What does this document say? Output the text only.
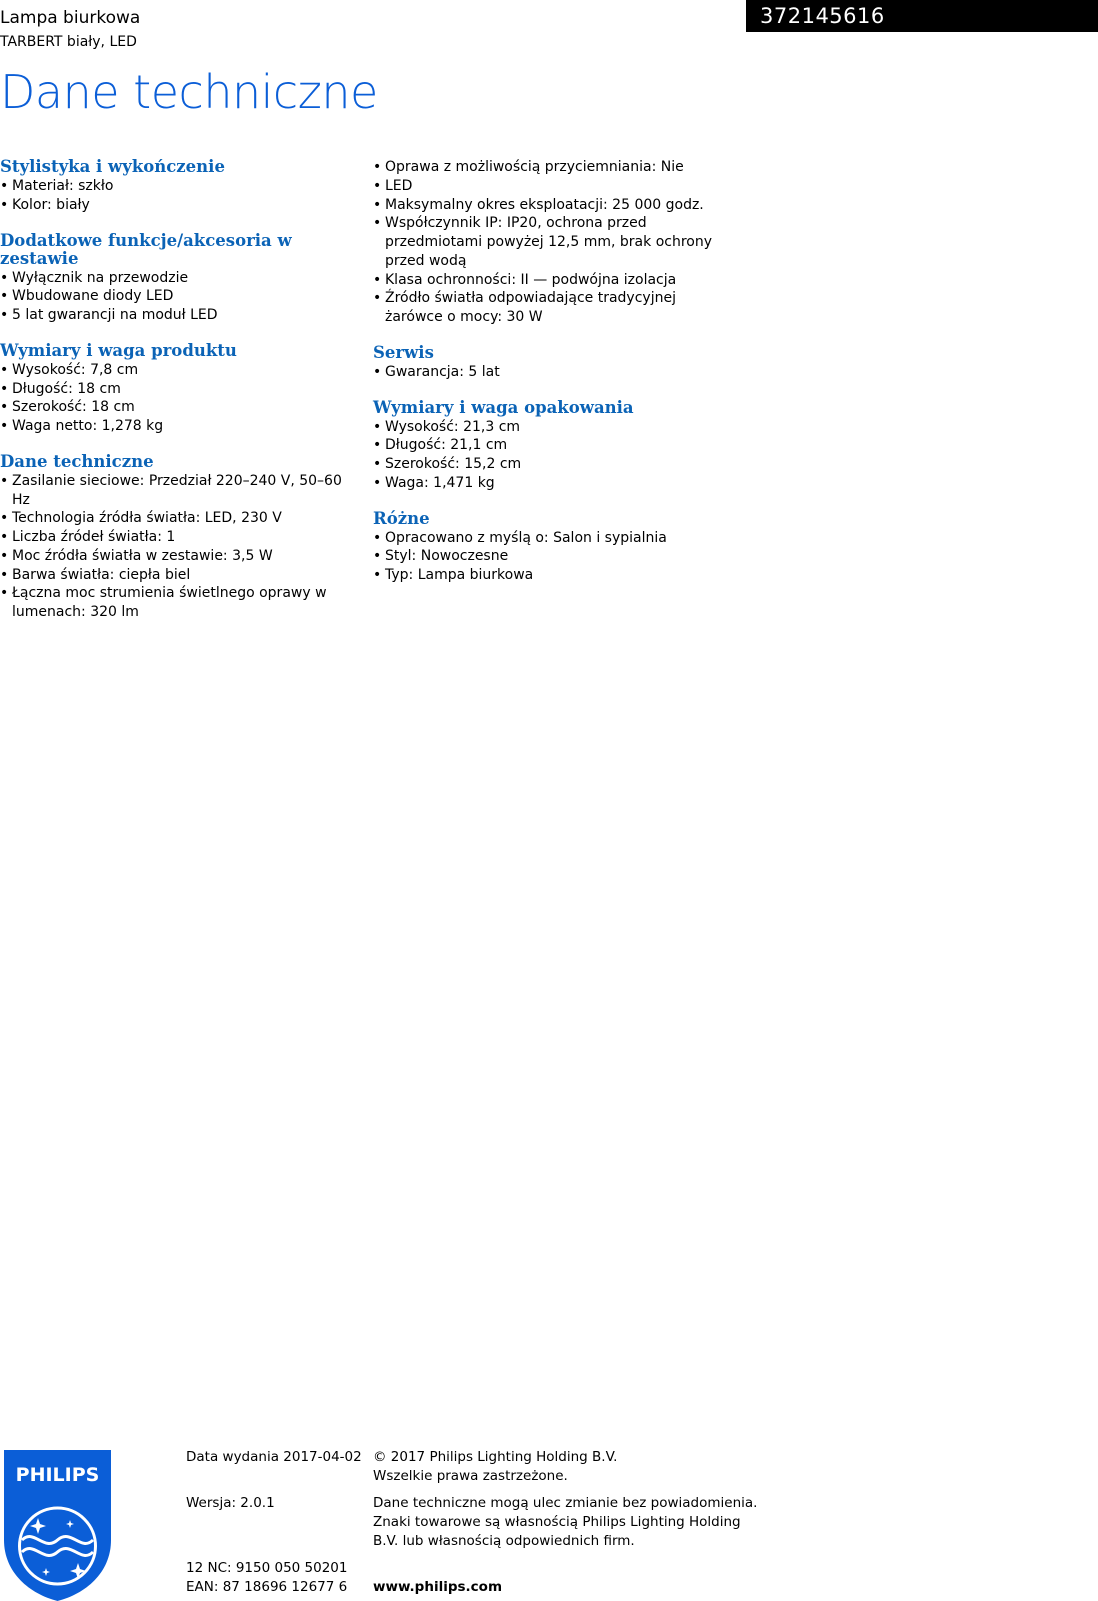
Lampa biurkowa
TARBERT biały, LED
372145616
Dane techniczne
Stylistyka i wykończenie
• Materiał: szkło
• Kolor: biały
Dodatkowe funkcje/akcesoria w zestawie
• Wyłącznik na przewodzie
• Wbudowane diody LED
• 5 lat gwarancji na moduł LED
Wymiary i waga produktu
• Wysokość: 7,8 cm
• Długość: 18 cm
• Szerokość: 18 cm
• Waga netto: 1,278 kg
Dane techniczne
• Zasilanie sieciowe: Przedział 220–240 V, 50–60 Hz
• Technologia źródła światła: LED, 230 V
• Liczba źródeł światła: 1
• Moc źródła światła w zestawie: 3,5 W
• Barwa światła: ciepła biel
• Łączna moc strumienia świetlnego oprawy w lumenach: 320 lm
• Oprawa z możliwością przyciemniania: Nie
• LED
• Maksymalny okres eksploatacji: 25 000 godz.
• Współczynnik IP: IP20, ochrona przed przedmiotami powyżej 12,5 mm, brak ochrony przed wodą
• Klasa ochronności: II — podwójna izolacja
• Źródło światła odpowiadające tradycyjnej żarówce o mocy: 30 W
Serwis
• Gwarancja: 5 lat
Wymiary i waga opakowania
• Wysokość: 21,3 cm
• Długość: 21,1 cm
• Szerokość: 15,2 cm
• Waga: 1,471 kg
Różne
• Opracowano z myślą o: Salon i sypialnia
• Styl: Nowoczesne
• Typ: Lampa biurkowa
PHILIPS
Data wydania 2017-04-02
Wersja: 2.0.1
12 NC: 9150 050 50201
EAN: 87 18696 12677 6
© 2017 Philips Lighting Holding B.V.
Wszelkie prawa zastrzeżone.
Dane techniczne mogą ulec zmianie bez powiadomienia.
Znaki towarowe są własnością Philips Lighting Holding
B.V. lub własnością odpowiednich firm.
www.philips.com
